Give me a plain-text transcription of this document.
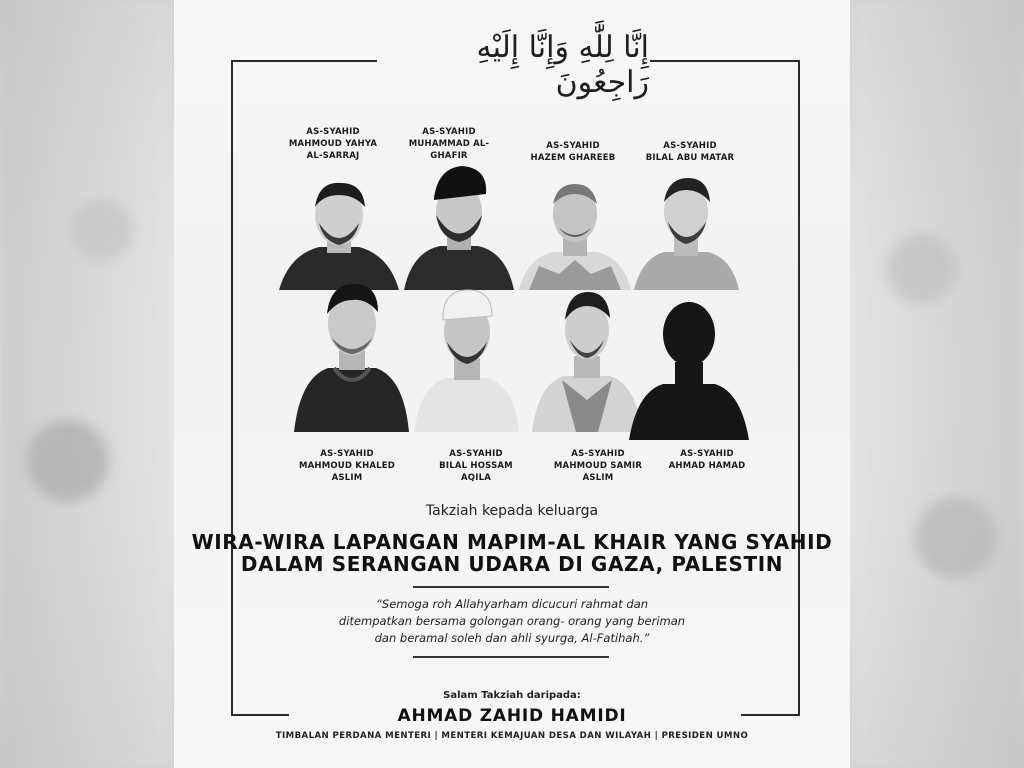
إِنَّا لِلَّٰهِ وَإِنَّا إِلَيْهِ رَاجِعُونَ
AS-SYAHID
MAHMOUD YAHYA
AL-SARRAJ
AS-SYAHID
MUHAMMAD AL-
GHAFIR
AS-SYAHID
HAZEM GHAREEB
AS-SYAHID
BILAL ABU MATAR
AS-SYAHID
MAHMOUD KHALED
ASLIM
AS-SYAHID
BILAL HOSSAM
AQILA
AS-SYAHID
MAHMOUD SAMIR
ASLIM
AS-SYAHID
AHMAD HAMAD
Takziah kepada keluarga
WIRA-WIRA LAPANGAN MAPIM-AL KHAIR YANG SYAHID
DALAM SERANGAN UDARA DI GAZA, PALESTIN
“Semoga roh Allahyarham dicucuri rahmat dan
ditempatkan bersama golongan orang- orang yang beriman
dan beramal soleh dan ahli syurga, Al-Fatihah.”
Salam Takziah daripada:
AHMAD ZAHID HAMIDI
TIMBALAN PERDANA MENTERI | MENTERI KEMAJUAN DESA DAN WILAYAH | PRESIDEN UMNO
